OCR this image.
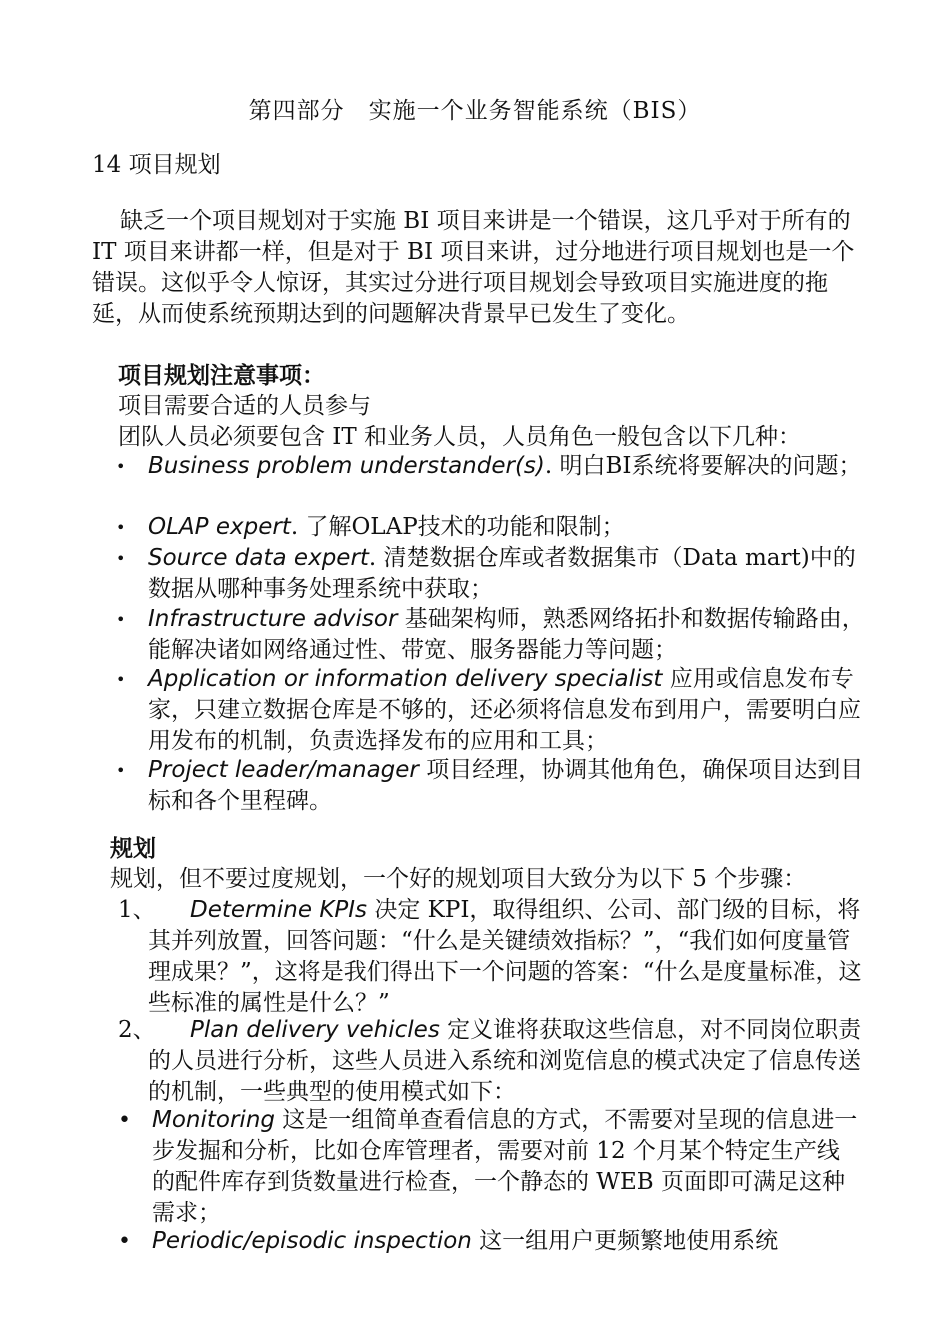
第四部分　实施一个业务智能系统（BIS）
14 项目规划
缺乏一个项目规划对于实施 BI 项目来讲是一个错误，这几乎对于所有的 IT 项目来讲都一样，但是对于 BI 项目来讲，过分地进行项目规划也是一个错误。这似乎令人惊讶，其实过分进行项目规划会导致项目实施进度的拖延，从而使系统预期达到的问题解决背景早已发生了变化。
项目规划注意事项：
项目需要合适的人员参与
团队人员必须要包含 IT 和业务人员，人员角色一般包含以下几种：
• Business problem understander(s). 明白BI系统将要解决的问题；
• OLAP expert. 了解OLAP技术的功能和限制；
• Source data expert. 清楚数据仓库或者数据集市（Data mart)中的数据从哪种事务处理系统中获取；
• Infrastructure advisor 基础架构师，熟悉网络拓扑和数据传输路由，能解决诸如网络通过性、带宽、服务器能力等问题；
• Application or information delivery specialist 应用或信息发布专家，只建立数据仓库是不够的，还必须将信息发布到用户，需要明白应用发布的机制，负责选择发布的应用和工具；
• Project leader/manager 项目经理，协调其他角色，确保项目达到目标和各个里程碑。
规划
规划，但不要过度规划，一个好的规划项目大致分为以下 5 个步骤：
1、	Determine KPIs 决定 KPI，取得组织、公司、部门级的目标，将其并列放置，回答问题：“什么是关键绩效指标？”，“我们如何度量管理成果？”，这将是我们得出下一个问题的答案：“什么是度量标准，这些标准的属性是什么？”
2、	Plan delivery vehicles 定义谁将获取这些信息，对不同岗位职责的人员进行分析，这些人员进入系统和浏览信息的模式决定了信息传送的机制，一些典型的使用模式如下：
• Monitoring 这是一组简单查看信息的方式，不需要对呈现的信息进一步发掘和分析，比如仓库管理者，需要对前 12 个月某个特定生产线的配件库存到货数量进行检查，一个静态的 WEB 页面即可满足这种需求；
• Periodic/episodic inspection 这一组用户更频繁地使用系统
